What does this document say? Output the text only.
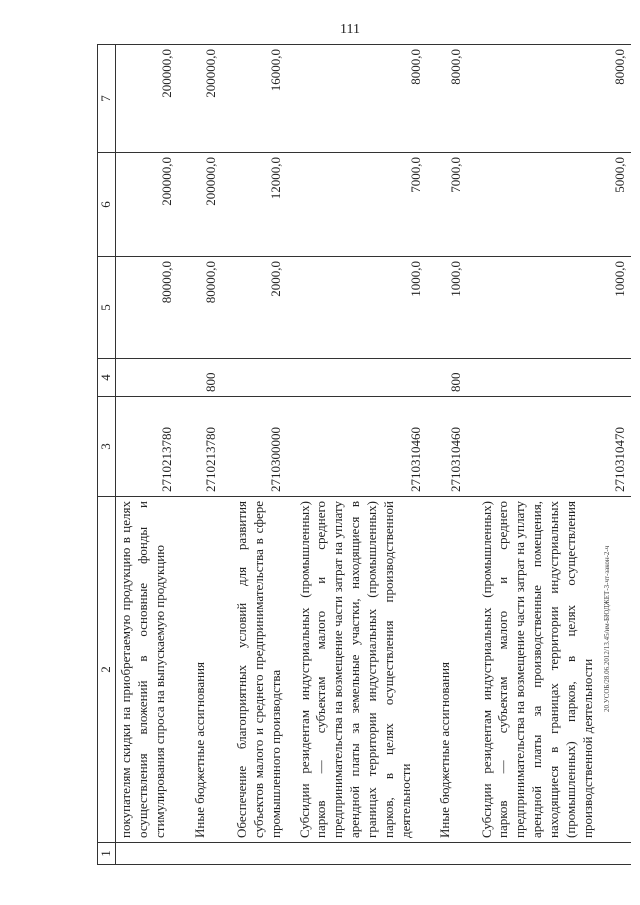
111
20.УСОБ/28.06.2012/13.45/им-БЮДЖЕТ-3-чт-закон-2-ч
1	2	3	4	5	6	7
	покупателям скидки на приобретаемую продукцию в целях осуществления вложений в основные фонды и стимулирования спроса на выпускаемую продукцию	2710213780		80000,0	200000,0	200000,0
	Иные бюджетные ассигнования	2710213780	800	80000,0	200000,0	200000,0
	Обеспечение благоприятных условий для развития субъектов малого и среднего предпринимательства в сфере промышленного производства	2710300000		2000,0	12000,0	16000,0
	Субсидии резидентам индустриальных (промышленных) парков — субъектам малого и среднего предпринимательства на возмещение части затрат на уплату арендной платы за земельные участки, находящиеся в границах территории индустриальных (промышленных) парков, в целях осуществления производственной деятельности	2710310460		1000,0	7000,0	8000,0
	Иные бюджетные ассигнования	2710310460	800	1000,0	7000,0	8000,0
	Субсидии резидентам индустриальных (промышленных) парков — субъектам малого и среднего предпринимательства на возмещение части затрат на уплату арендной платы за производственные помещения, находящиеся в границах территории индустриальных (промышленных) парков, в целях осуществления производственной деятельности	2710310470		1000,0	5000,0	8000,0
